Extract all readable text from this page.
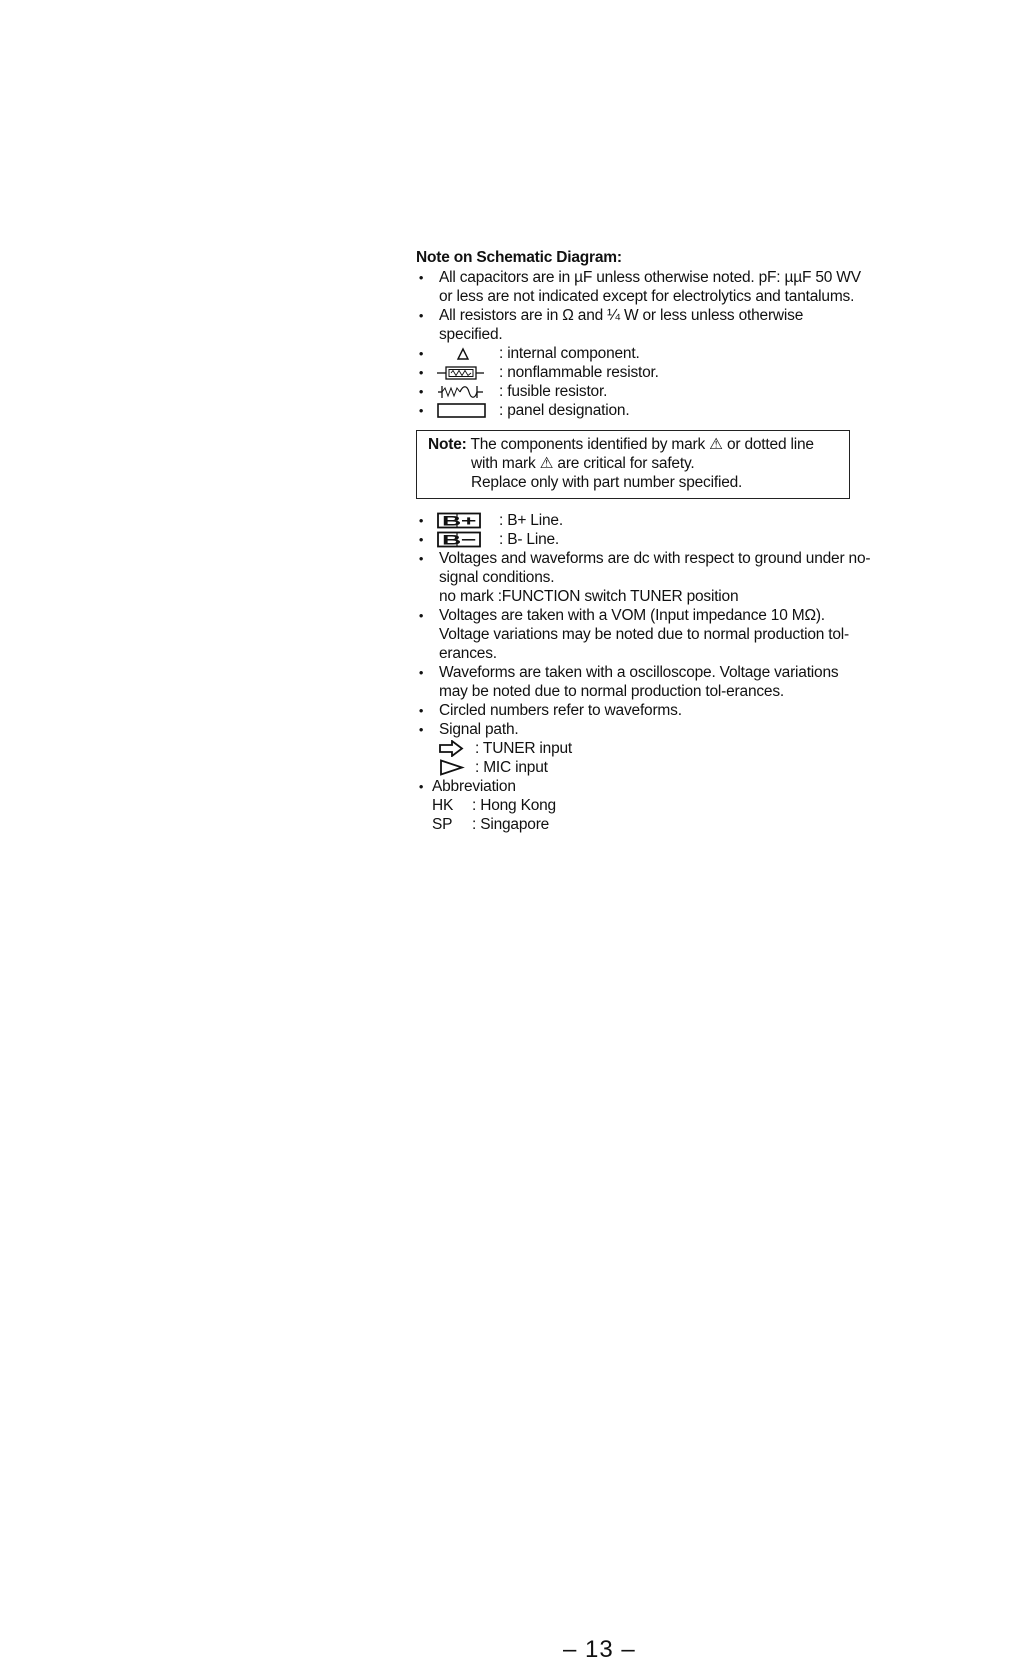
Note on Schematic Diagram:
• All capacitors are in µF unless otherwise noted. pF: µµF 50 WV or less are not indicated except for electrolytics and tantalums.
• All resistors are in Ω and ¼ W or less unless otherwise specified.
•	: internal component.
•	: nonflammable resistor.
•	: fusible resistor.
•	: panel designation.
Note: The components identified by mark ⚠ or dotted line
with mark ⚠ are critical for safety.
Replace only with part number specified.
• B+ : B+ Line.
• B− : B- Line.
• Voltages and waveforms are dc with respect to ground under no-signal conditions.
no mark :FUNCTION switch TUNER position
• Voltages are taken with a VOM (Input impedance 10 MΩ). Voltage variations may be noted due to normal production tol-erances.
• Waveforms are taken with a oscilloscope. Voltage variations may be noted due to normal production tol-erances.
• Circled numbers refer to waveforms.
• Signal path.
: TUNER input
: MIC input
• Abbreviation
HK : Hong Kong
SP : Singapore
– 13 –
